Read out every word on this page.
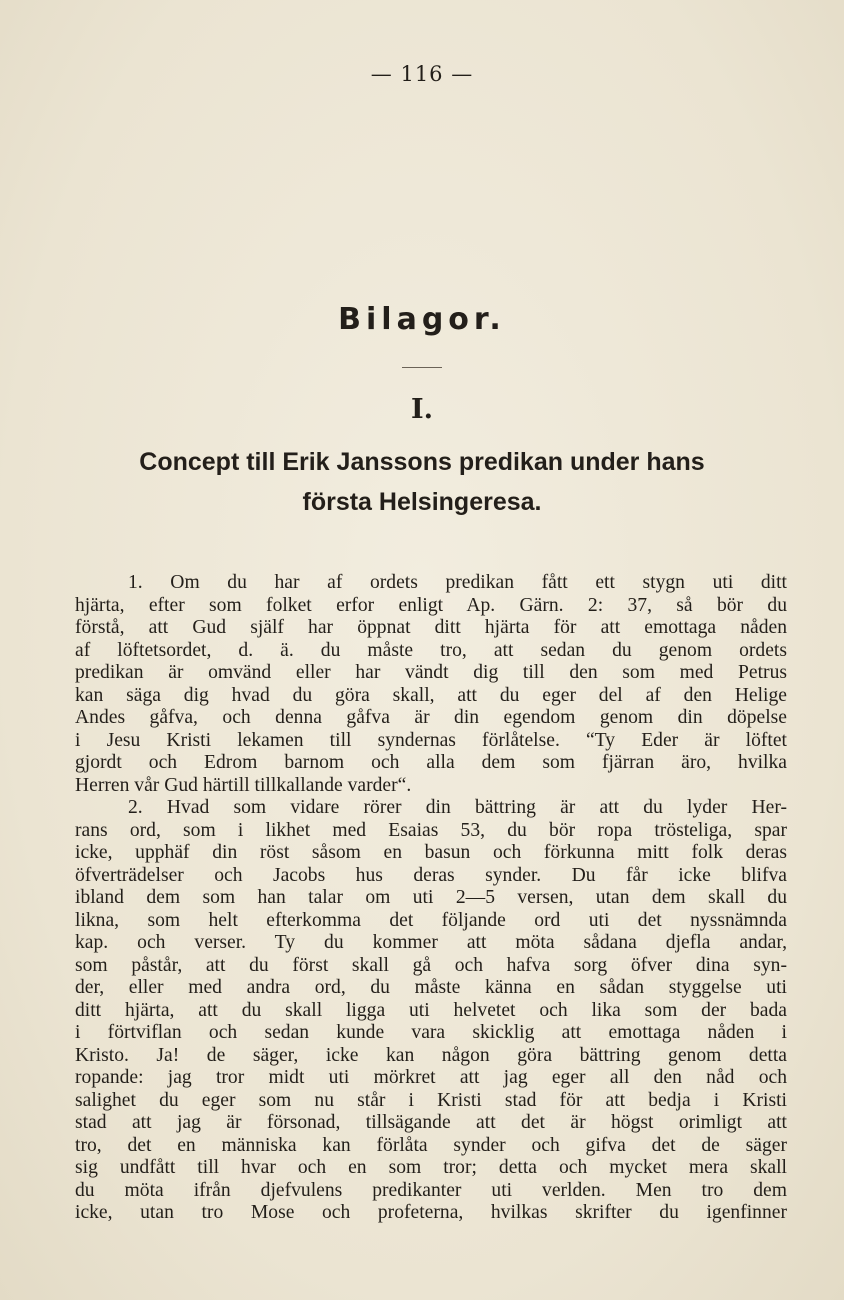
— 116 —
Bilagor.
I.
Concept till Erik Janssons predikan under hans
första Helsingeresa.
1. Om du har af ordets predikan fått ett stygn uti ditt
hjärta, efter som folket erfor enligt Ap. Gärn. 2: 37, så bör du
förstå, att Gud själf har öppnat ditt hjärta för att emottaga nåden
af löftetsordet, d. ä. du måste tro, att sedan du genom ordets
predikan är omvänd eller har vändt dig till den som med Petrus
kan säga dig hvad du göra skall, att du eger del af den Helige
Andes gåfva, och denna gåfva är din egendom genom din döpelse
i Jesu Kristi lekamen till syndernas förlåtelse. “Ty Eder är löftet
gjordt och Edrom barnom och alla dem som fjärran äro, hvilka
Herren vår Gud härtill tillkallande varder“.
2. Hvad som vidare rörer din bättring är att du lyder Her-
rans ord, som i likhet med Esaias 53, du bör ropa trösteliga, spar
icke, upphäf din röst såsom en basun och förkunna mitt folk deras
öfverträdelser och Jacobs hus deras synder. Du får icke blifva
ibland dem som han talar om uti 2—5 versen, utan dem skall du
likna, som helt efterkomma det följande ord uti det nyssnämnda
kap. och verser. Ty du kommer att möta sådana djefla andar,
som påstår, att du först skall gå och hafva sorg öfver dina syn-
der, eller med andra ord, du måste känna en sådan styggelse uti
ditt hjärta, att du skall ligga uti helvetet och lika som der bada
i förtviflan och sedan kunde vara skicklig att emottaga nåden i
Kristo. Ja! de säger, icke kan någon göra bättring genom detta
ropande: jag tror midt uti mörkret att jag eger all den nåd och
salighet du eger som nu står i Kristi stad för att bedja i Kristi
stad att jag är försonad, tillsägande att det är högst orimligt att
tro, det en människa kan förlåta synder och gifva det de säger
sig undfått till hvar och en som tror; detta och mycket mera skall
du möta ifrån djefvulens predikanter uti verlden. Men tro dem
icke, utan tro Mose och profeterna, hvilkas skrifter du igenfinner
